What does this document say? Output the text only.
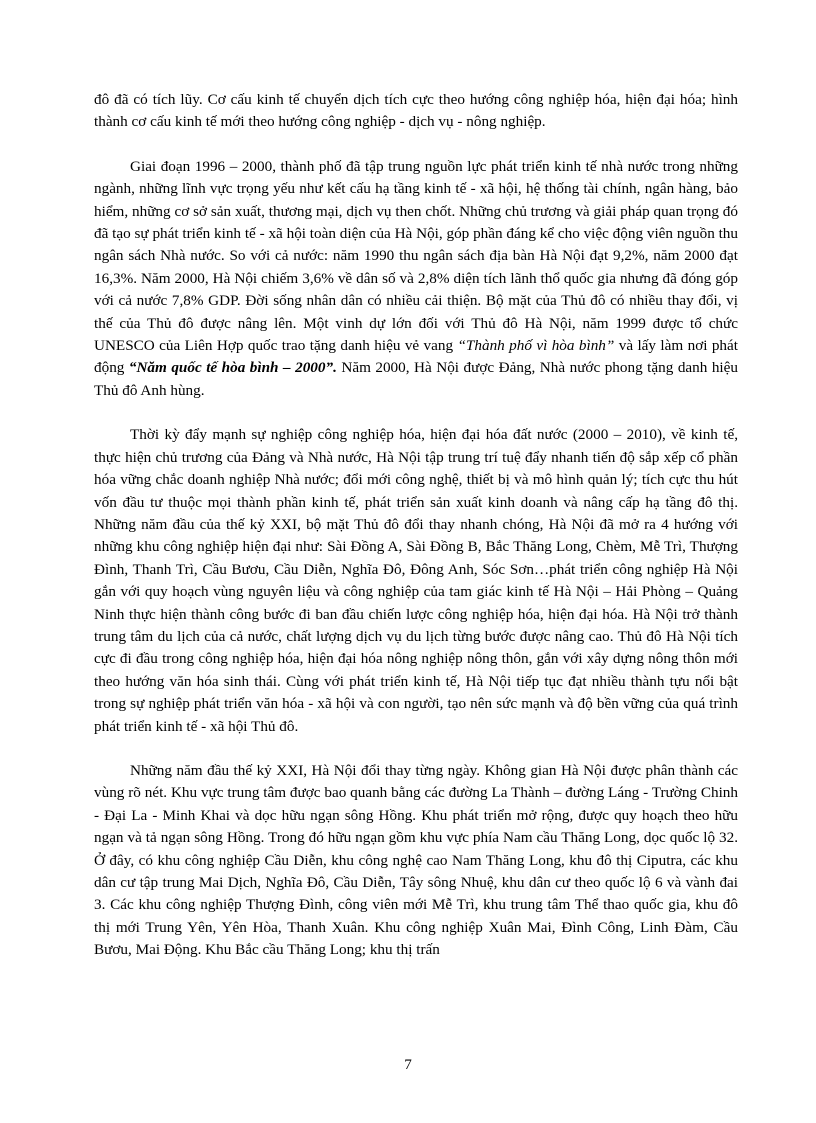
đô đã có tích lũy. Cơ cấu kinh tế chuyển dịch tích cực theo hướng công nghiệp hóa, hiện đại hóa; hình thành cơ cấu kinh tế mới theo hướng công nghiệp - dịch vụ - nông nghiệp.

Giai đoạn 1996 – 2000, thành phố đã tập trung nguồn lực phát triển kinh tế nhà nước trong những ngành, những lĩnh vực trọng yếu như kết cấu hạ tầng kinh tế - xã hội, hệ thống tài chính, ngân hàng, bảo hiểm, những cơ sở sản xuất, thương mại, dịch vụ then chốt. Những chủ trương và giải pháp quan trọng đó đã tạo sự phát triển kinh tế - xã hội toàn diện của Hà Nội, góp phần đáng kể cho việc động viên nguồn thu ngân sách Nhà nước. So với cả nước: năm 1990 thu ngân sách địa bàn Hà Nội đạt 9,2%, năm 2000 đạt 16,3%. Năm 2000, Hà Nội chiếm 3,6% về dân số và 2,8% diện tích lãnh thổ quốc gia nhưng đã đóng góp với cả nước 7,8% GDP. Đời sống nhân dân có nhiều cải thiện. Bộ mặt của Thủ đô có nhiều thay đổi, vị thế của Thủ đô được nâng lên. Một vinh dự lớn đối với Thủ đô Hà Nội, năm 1999 được tổ chức UNESCO của Liên Hợp quốc trao tặng danh hiệu vẻ vang “Thành phố vì hòa bình” và lấy làm nơi phát động “Năm quốc tế hòa bình – 2000”. Năm 2000, Hà Nội được Đảng, Nhà nước phong tặng danh hiệu Thủ đô Anh hùng.

Thời kỳ đẩy mạnh sự nghiệp công nghiệp hóa, hiện đại hóa đất nước (2000 – 2010), về kinh tế, thực hiện chủ trương của Đảng và Nhà nước, Hà Nội tập trung trí tuệ đẩy nhanh tiến độ sắp xếp cổ phần hóa vững chắc doanh nghiệp Nhà nước; đổi mới công nghệ, thiết bị và mô hình quản lý; tích cực thu hút vốn đầu tư thuộc mọi thành phần kinh tế, phát triển sản xuất kinh doanh và nâng cấp hạ tầng đô thị. Những năm đầu của thế kỷ XXI, bộ mặt Thủ đô đổi thay nhanh chóng, Hà Nội đã mở ra 4 hướng với những khu công nghiệp hiện đại như: Sài Đồng A, Sài Đồng B, Bắc Thăng Long, Chèm, Mễ Trì, Thượng Đình, Thanh Trì, Cầu Bươu, Cầu Diễn, Nghĩa Đô, Đông Anh, Sóc Sơn…phát triển công nghiệp Hà Nội gắn với quy hoạch vùng nguyên liệu và công nghiệp của tam giác kinh tế Hà Nội – Hải Phòng – Quảng Ninh thực hiện thành công bước đi ban đầu chiến lược công nghiệp hóa, hiện đại hóa. Hà Nội trở thành trung tâm du lịch của cả nước, chất lượng dịch vụ du lịch từng bước được nâng cao. Thủ đô Hà Nội tích cực đi đầu trong công nghiệp hóa, hiện đại hóa nông nghiệp nông thôn, gắn với xây dựng nông thôn mới theo hướng văn hóa sinh thái. Cùng với phát triển kinh tế, Hà Nội tiếp tục đạt nhiều thành tựu nổi bật trong sự nghiệp phát triển văn hóa - xã hội và con người, tạo nên sức mạnh và độ bền vững của quá trình phát triển kinh tế - xã hội Thủ đô.

Những năm đầu thế kỷ XXI, Hà Nội đổi thay từng ngày. Không gian Hà Nội được phân thành các vùng rõ nét. Khu vực trung tâm được bao quanh bằng các đường La Thành – đường Láng - Trường Chinh - Đại La - Minh Khai và dọc hữu ngạn sông Hồng. Khu phát triển mở rộng, được quy hoạch theo hữu ngạn và tả ngạn sông Hồng. Trong đó hữu ngạn gồm khu vực phía Nam cầu Thăng Long, dọc quốc lộ 32. Ở đây, có khu công nghiệp Cầu Diễn, khu công nghệ cao Nam Thăng Long, khu đô thị Ciputra, các khu dân cư tập trung Mai Dịch, Nghĩa Đô, Cầu Diễn, Tây sông Nhuệ, khu dân cư theo quốc lộ 6 và vành đai 3. Các khu công nghiệp Thượng Đình, công viên mới Mễ Trì, khu trung tâm Thể thao quốc gia, khu đô thị mới Trung Yên, Yên Hòa, Thanh Xuân. Khu công nghiệp Xuân Mai, Đình Công, Linh Đàm, Cầu Bươu, Mai Động. Khu Bắc cầu Thăng Long; khu thị trấn

7
